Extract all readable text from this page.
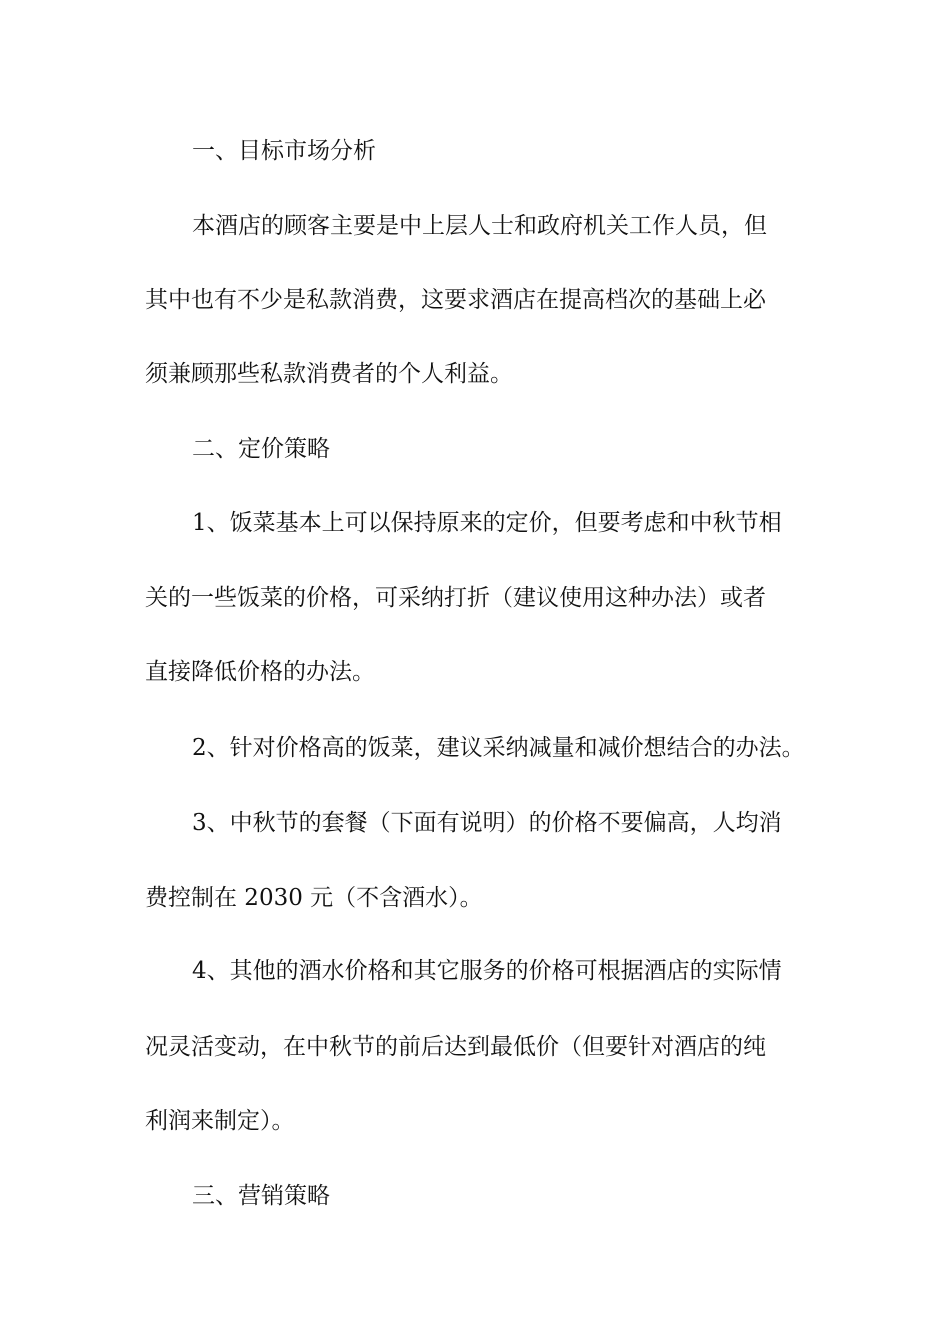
一、目标市场分析
本酒店的顾客主要是中上层人士和政府机关工作人员，但
其中也有不少是私款消费，这要求酒店在提高档次的基础上必
须兼顾那些私款消费者的个人利益。
二、定价策略
1、饭菜基本上可以保持原来的定价，但要考虑和中秋节相
关的一些饭菜的价格，可采纳打折（建议使用这种办法）或者
直接降低价格的办法。
2、针对价格高的饭菜，建议采纳减量和减价想结合的办法。
3、中秋节的套餐（下面有说明）的价格不要偏高，人均消
费控制在 2030 元（不含酒水）。
4、其他的酒水价格和其它服务的价格可根据酒店的实际情
况灵活变动，在中秋节的前后达到最低价（但要针对酒店的纯
利润来制定）。
三、营销策略
